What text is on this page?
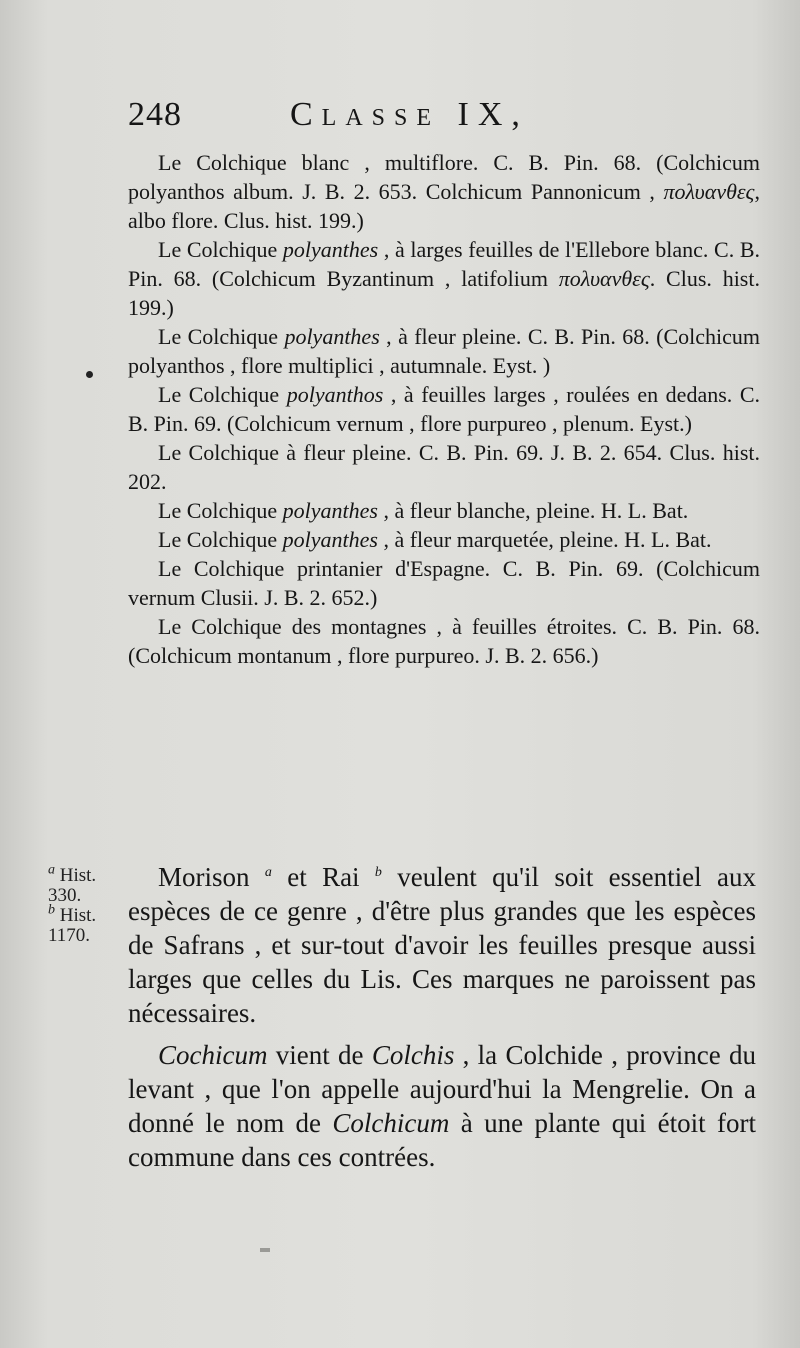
248	Classe IX,

Le Colchique blanc , multiflore. C. B. Pin. 68. (Colchicum polyanthos album. J. B. 2. 653. Colchicum Pannonicum , πολυανθες, albo flore. Clus. hist. 199.)

Le Colchique polyanthes , à larges feuilles de l'Ellebore blanc. C. B. Pin. 68. (Colchicum Byzantinum , latifolium πολυανθες. Clus. hist. 199.)

Le Colchique polyanthes , à fleur pleine. C. B. Pin. 68. (Colchicum polyanthos , flore multiplici , autumnale. Eyst. )

Le Colchique polyanthos , à feuilles larges , roulées en dedans. C. B. Pin. 69. (Colchicum vernum , flore purpureo , plenum. Eyst.)

Le Colchique à fleur pleine. C. B. Pin. 69. J. B. 2. 654. Clus. hist. 202.

Le Colchique polyanthes , à fleur blanche, pleine. H. L. Bat.

Le Colchique polyanthes , à fleur marquetée, pleine. H. L. Bat.

Le Colchique printanier d'Espagne. C. B. Pin. 69. (Colchicum vernum Clusii. J. B. 2. 652.)

Le Colchique des montagnes , à feuilles étroites. C. B. Pin. 68. (Colchicum montanum , flore purpureo. J. B. 2. 656.)

$^a$ Hist. 330.

$^b$ Hist. 1170.

Morison $^a$ et Rai $^b$ veulent qu'il soit essentiel aux espèces de ce genre , d'être plus grandes que les espèces de Safrans , et sur-tout d'avoir les feuilles presque aussi larges que celles du Lis. Ces marques ne paroissent pas nécessaires.

Cochicum vient de Colchis , la Colchide , province du levant , que l'on appelle aujourd'hui la Mengrelie. On a donné le nom de Colchicum à une plante qui étoit fort commune dans ces contrées.
